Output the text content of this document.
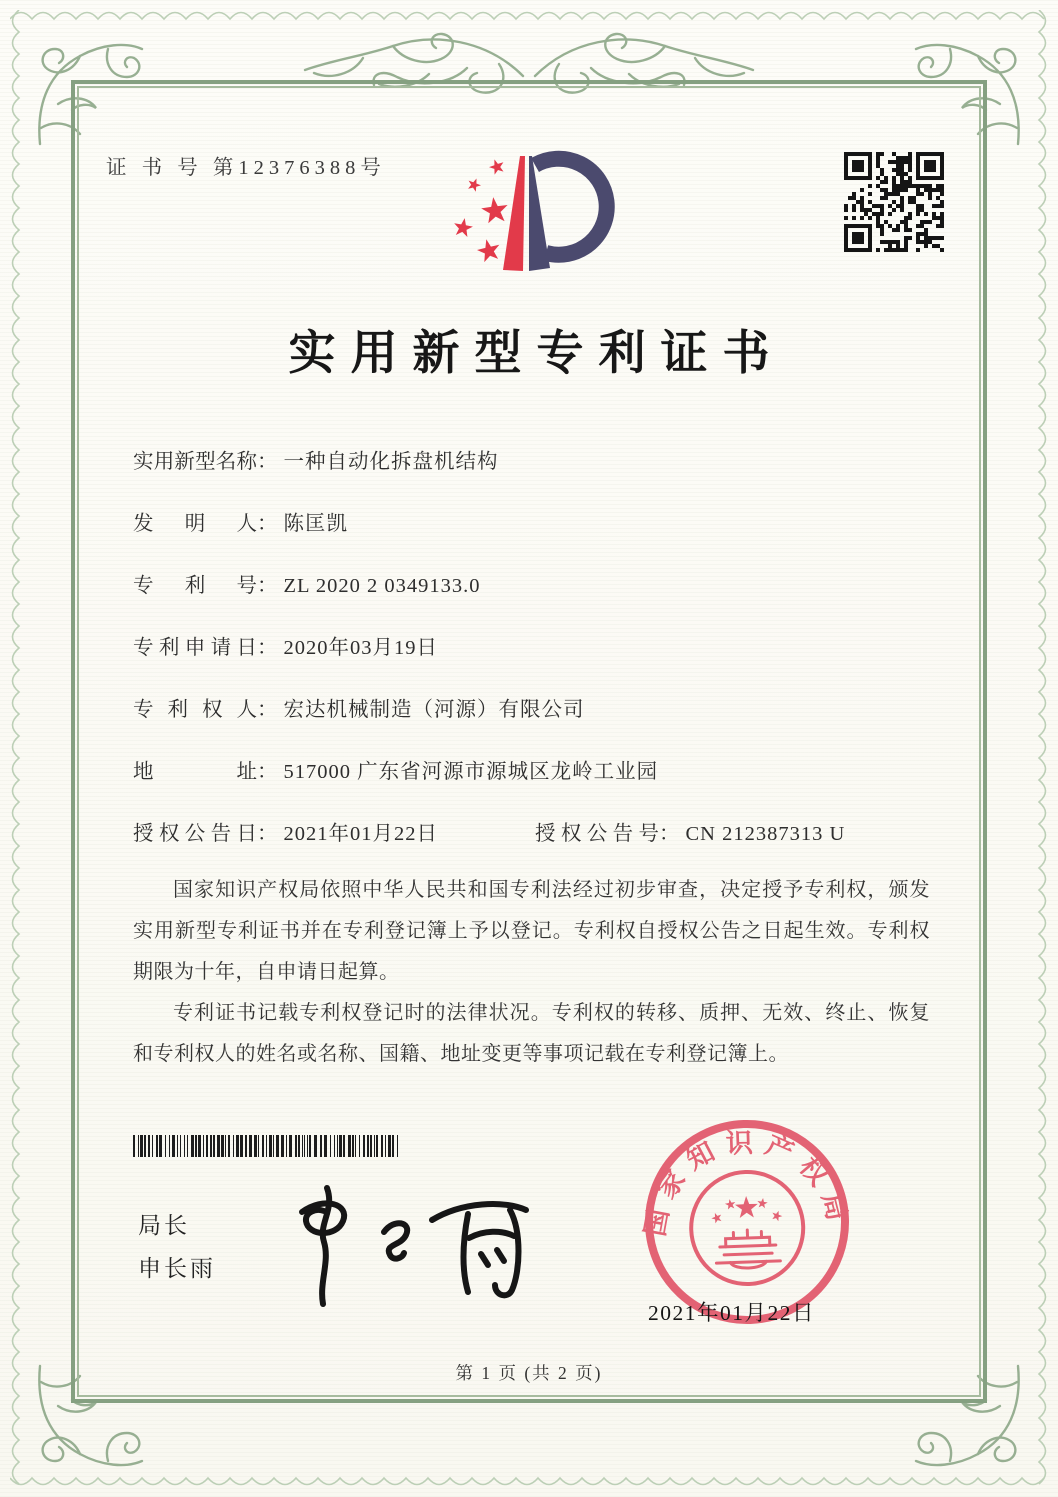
证 书 号 第12376388号
实用新型专利证书
实用新型名称： 一种自动化拆盘机结构
发明人： 陈匡凯
专利号： ZL 2020 2 0349133.0
专利申请日： 2020年03月19日
专利权人： 宏达机械制造（河源）有限公司
地址： 517000 广东省河源市源城区龙岭工业园
授权公告日： 2021年01月22日	授权公告号： CN 212387313 U

国家知识产权局依照中华人民共和国专利法经过初步审查，决定授予专利权，颁发实用新型专利证书并在专利登记簿上予以登记。专利权自授权公告之日起生效。专利权期限为十年，自申请日起算。

专利证书记载专利权登记时的法律状况。专利权的转移、质押、无效、终止、恢复和专利权人的姓名或名称、国籍、地址变更等事项记载在专利登记簿上。

局长
申长雨
国家知识产权局
2021年01月22日
第 1 页 (共 2 页)
